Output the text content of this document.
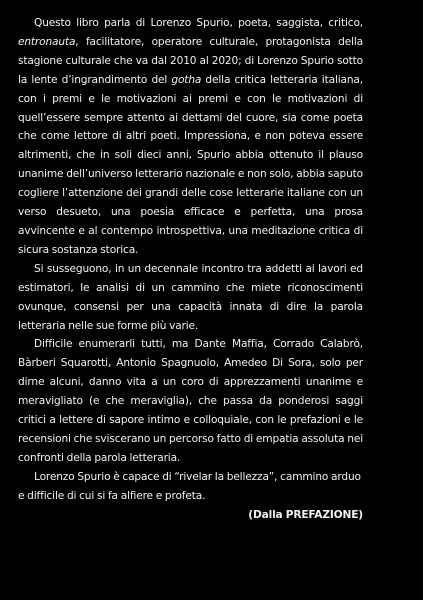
Questo libro parla di Lorenzo Spurio, poeta, saggista, critico, entronauta, facilitatore, operatore culturale, protagonista della stagione culturale che va dal 2010 al 2020; di Lorenzo Spurio sotto la lente d’ingrandimento del gotha della critica letteraria italiana, con i premi e le motivazioni ai premi e con le motivazioni di quell’essere sempre attento ai dettami del cuore, sia come poeta che come lettore di altri poeti. Impressiona, e non poteva essere altrimenti, che in soli dieci anni, Spurio abbia ottenuto il plauso unanime dell’universo letterario nazionale e non solo, abbia saputo cogliere l’attenzione dei grandi delle cose letterarie italiane con un verso desueto, una poesia efficace e perfetta, una prosa avvincente e al contempo introspettiva, una meditazione critica di sicura sostanza storica.

Si susseguono, in un decennale incontro tra addetti ai lavori ed estimatori, le analisi di un cammino che miete riconoscimenti ovunque, consensi per una capacità innata di dire la parola letteraria nelle sue forme più varie.

Difficile enumerarli tutti, ma Dante Maffia, Corrado Calabrò, Bàrberi Squarotti, Antonio Spagnuolo, Amedeo Di Sora, solo per dirne alcuni, danno vita a un coro di apprezzamenti unanime e meravigliato (e che meraviglia), che passa da ponderosi saggi critici a lettere di sapore intimo e colloquiale, con le prefazioni e le recensioni che sviscerano un percorso fatto di empatia assoluta nei confronti della parola letteraria.

Lorenzo Spurio è capace di “rivelar la bellezza”, cammino arduo e difficile di cui si fa alfiere e profeta.

(Dalla PREFAZIONE)
